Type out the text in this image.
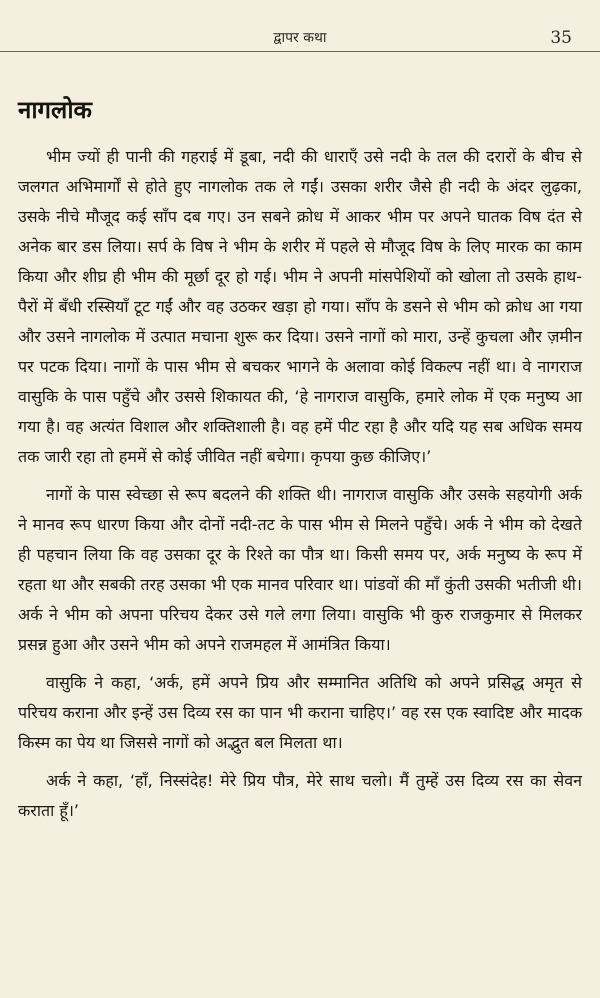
द्वापर कथा	35
नागलोक

भीम ज्यों ही पानी की गहराई में डूबा, नदी की धाराएँ उसे नदी के तल की दरारों के बीच से जलगत अभिमार्गों से होते हुए नागलोक तक ले गईं। उसका शरीर जैसे ही नदी के अंदर लुढ़का, उसके नीचे मौजूद कई साँप दब गए। उन सबने क्रोध में आकर भीम पर अपने घातक विष दंत से अनेक बार डस लिया। सर्प के विष ने भीम के शरीर में पहले से मौजूद विष के लिए मारक का काम किया और शीघ्र ही भीम की मूर्छा दूर हो गई। भीम ने अपनी मांसपेशियों को खोला तो उसके हाथ-पैरों में बँधी रस्सियाँ टूट गईं और वह उठकर खड़ा हो गया। साँप के डसने से भीम को क्रोध आ गया और उसने नागलोक में उत्पात मचाना शुरू कर दिया। उसने नागों को मारा, उन्हें कुचला और ज़मीन पर पटक दिया। नागों के पास भीम से बचकर भागने के अलावा कोई विकल्प नहीं था। वे नागराज वासुकि के पास पहुँचे और उससे शिकायत की, ‘हे नागराज वासुकि, हमारे लोक में एक मनुष्य आ गया है। वह अत्यंत विशाल और शक्तिशाली है। वह हमें पीट रहा है और यदि यह सब अधिक समय तक जारी रहा तो हममें से कोई जीवित नहीं बचेगा। कृपया कुछ कीजिए।’

नागों के पास स्वेच्छा से रूप बदलने की शक्ति थी। नागराज वासुकि और उसके सहयोगी अर्क ने मानव रूप धारण किया और दोनों नदी-तट के पास भीम से मिलने पहुँचे। अर्क ने भीम को देखते ही पहचान लिया कि वह उसका दूर के रिश्ते का पौत्र था। किसी समय पर, अर्क मनुष्य के रूप में रहता था और सबकी तरह उसका भी एक मानव परिवार था। पांडवों की माँ कुंती उसकी भतीजी थी। अर्क ने भीम को अपना परिचय देकर उसे गले लगा लिया। वासुकि भी कुरु राजकुमार से मिलकर प्रसन्न हुआ और उसने भीम को अपने राजमहल में आमंत्रित किया।

वासुकि ने कहा, ‘अर्क, हमें अपने प्रिय और सम्मानित अतिथि को अपने प्रसिद्ध अमृत से परिचय कराना और इन्हें उस दिव्य रस का पान भी कराना चाहिए।’ वह रस एक स्वादिष्ट और मादक किस्म का पेय था जिससे नागों को अद्भुत बल मिलता था।

अर्क ने कहा, ‘हाँ, निस्संदेह! मेरे प्रिय पौत्र, मेरे साथ चलो। मैं तुम्हें उस दिव्य रस का सेवन कराता हूँ।’
